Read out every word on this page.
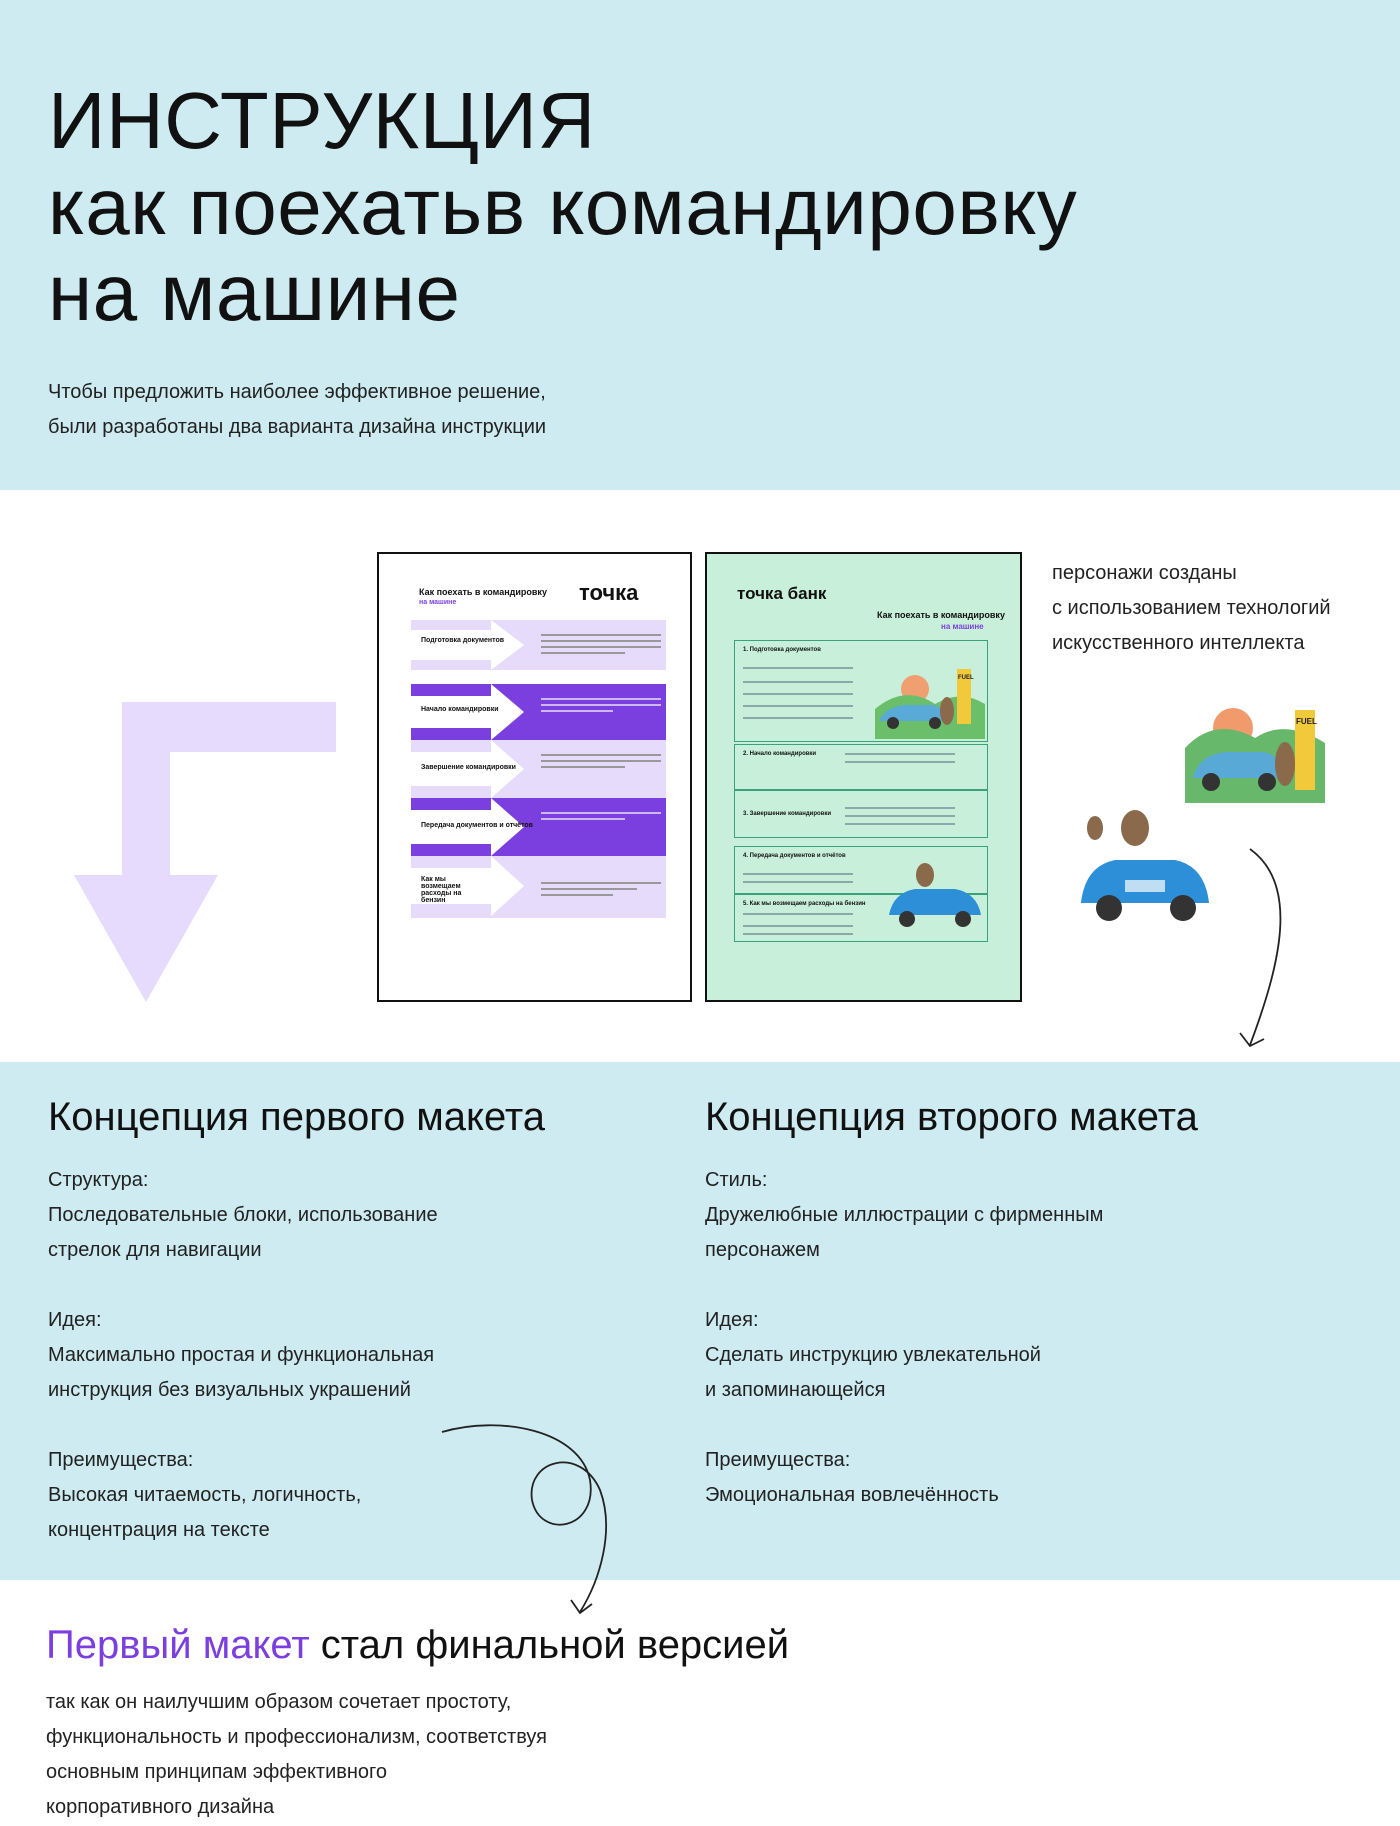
ИНСТРУКЦИЯ
как поехатьв командировку
на машине
Чтобы предложить наиболее эффективное решение,
были разработаны два варианта дизайна инструкции
Как поехать в командировку
на машине	точка
Подготовка документов
Начало командировки
Завершение командировки
Передача документов и отчётов
Как мы возмещаем расходы на бензин
точка банк
Как поехать в командировку
на машине
1. Подготовка документов
FUEL
2. Начало командировки
3. Завершение командировки
4. Передача документов и отчётов
5. Как мы возмещаем расходы на бензин
персонажи созданы
с использованием технологий
искусственного интеллекта
FUEL
Концепция первого макета
Структура:
Последовательные блоки, использование
стрелок для навигации
Идея:
Максимально простая и функциональная
инструкция без визуальных украшений
Преимущества:
Высокая читаемость, логичность,
концентрация на тексте
Концепция второго макета
Стиль:
Дружелюбные иллюстрации с фирменным
персонажем
Идея:
Сделать инструкцию увлекательной
и запоминающейся
Преимущества:
Эмоциональная вовлечённость
Первый макет стал финальной версией
так как он наилучшим образом сочетает простоту,
функциональность и профессионализм, соответствуя
основным принципам эффективного
корпоративного дизайна
